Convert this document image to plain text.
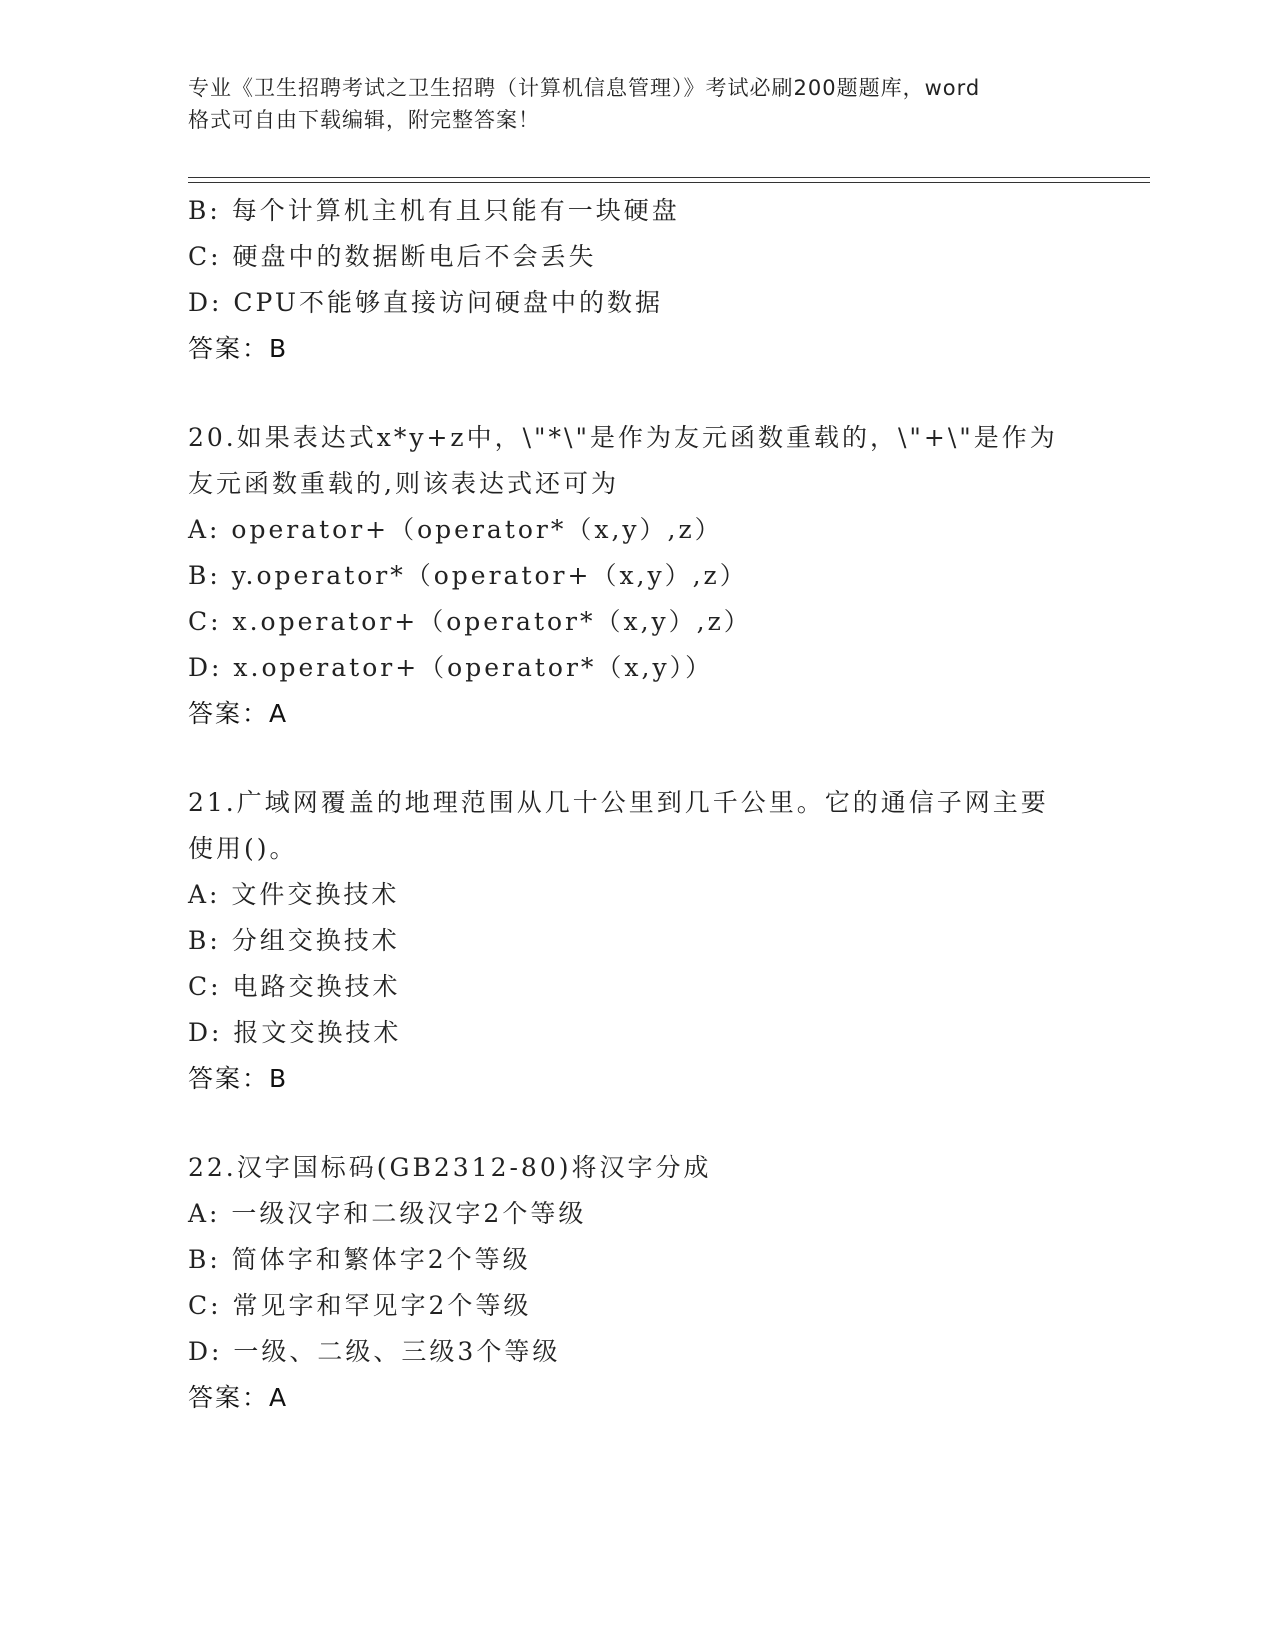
专业《卫生招聘考试之卫生招聘（计算机信息管理）》考试必刷200题题库，word
格式可自由下载编辑，附完整答案！
B: 每个计算机主机有且只能有一块硬盘
C: 硬盘中的数据断电后不会丢失
D: CPU不能够直接访问硬盘中的数据
答案：B
20.如果表达式x*y+z中，\"*\"是作为友元函数重载的，\"+\"是作为
友元函数重载的,则该表达式还可为
A: operator+（operator*（x,y）,z）
B: y.operator*（operator+（x,y）,z）
C: x.operator+（operator*（x,y）,z）
D: x.operator+（operator*（x,y））
答案：A
21.广域网覆盖的地理范围从几十公里到几千公里。它的通信子网主要
使用()。
A: 文件交换技术
B: 分组交换技术
C: 电路交换技术
D: 报文交换技术
答案：B
22.汉字国标码(GB2312-80)将汉字分成
A: 一级汉字和二级汉字2个等级
B: 简体字和繁体字2个等级
C: 常见字和罕见字2个等级
D: 一级、二级、三级3个等级
答案：A
